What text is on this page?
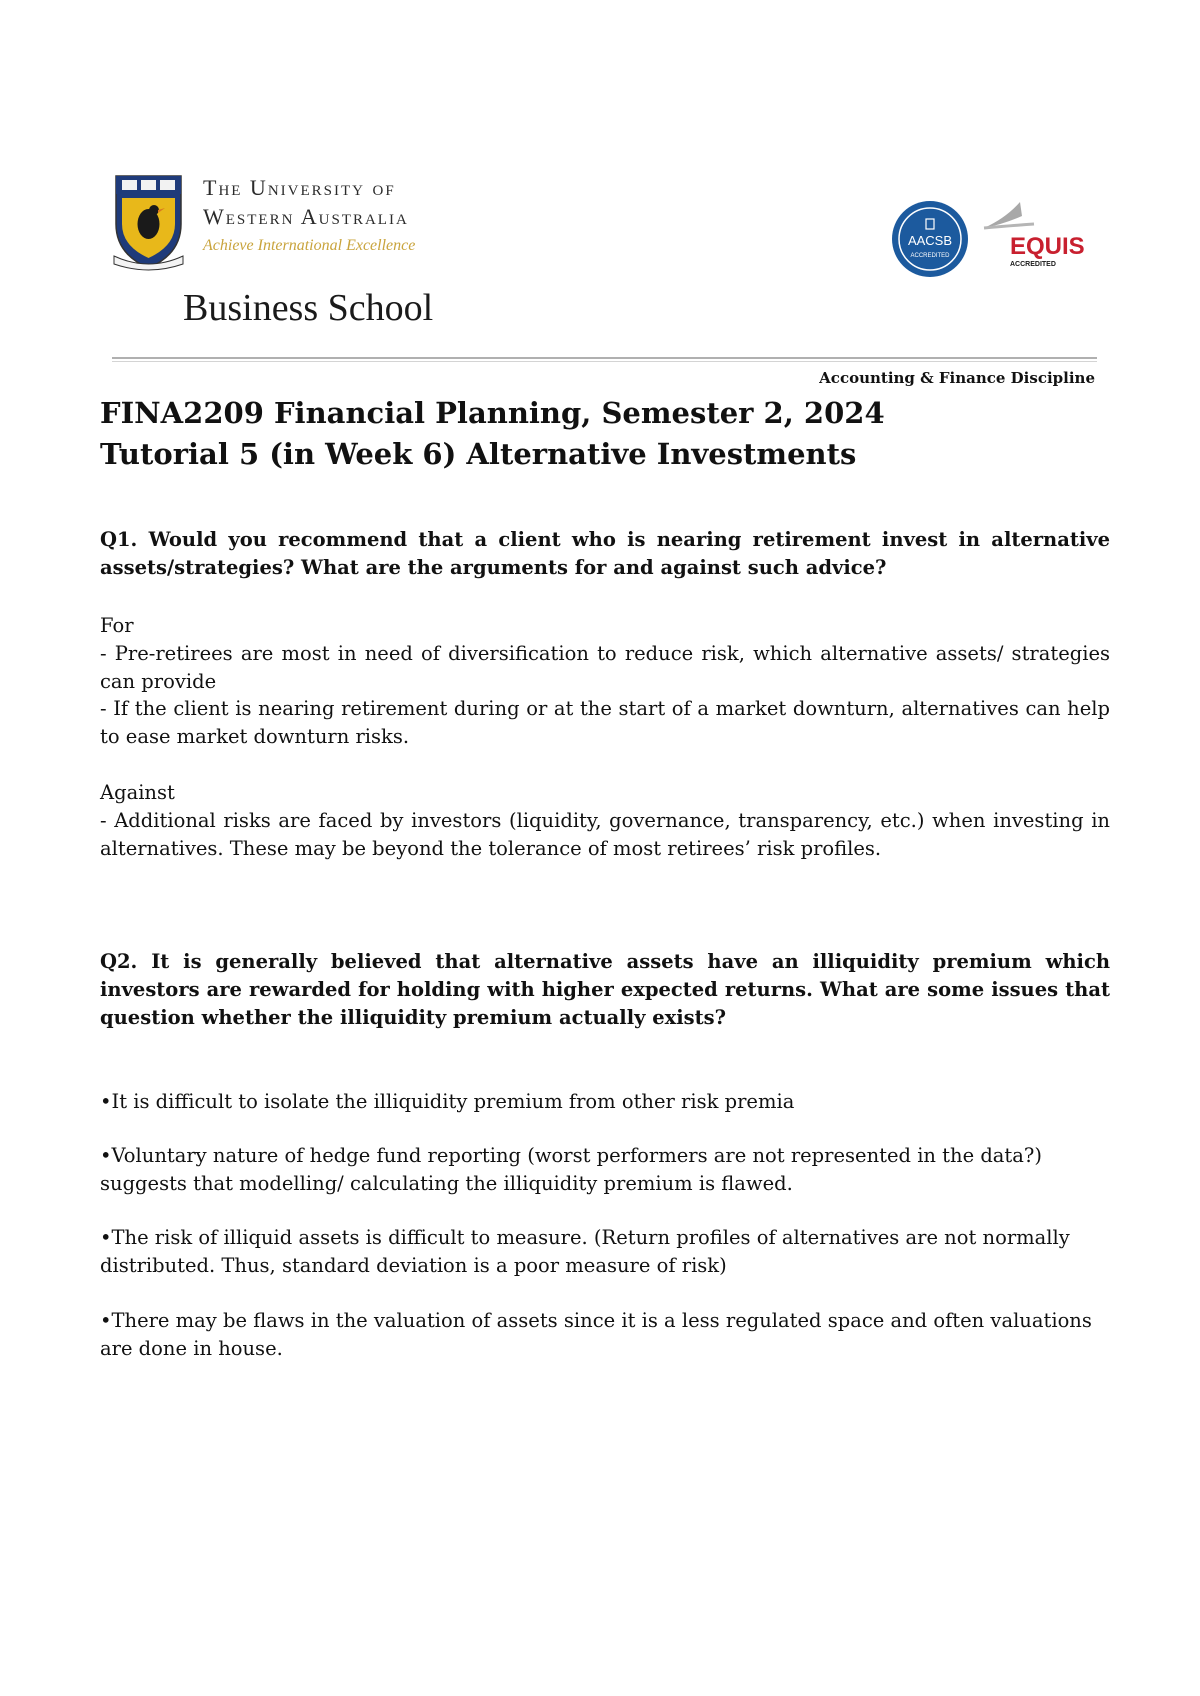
The University of
Western Australia
Achieve International Excellence
Business School
AACSB
ACCREDITED	EQUIS
ACCREDITED
Accounting & Finance Discipline
FINA2209 Financial Planning, Semester 2, 2024
Tutorial 5 (in Week 6) Alternative Investments

Q1. Would you recommend that a client who is nearing retirement invest in alternative assets/strategies? What are the arguments for and against such advice?

For

- Pre-retirees are most in need of diversification to reduce risk, which alternative assets/ strategies can provide

- If the client is nearing retirement during or at the start of a market downturn, alternatives can help to ease market downturn risks.

Against

- Additional risks are faced by investors (liquidity, governance, transparency, etc.) when investing in alternatives. These may be beyond the tolerance of most retirees’ risk profiles.

Q2. It is generally believed that alternative assets have an illiquidity premium which investors are rewarded for holding with higher expected returns. What are some issues that question whether the illiquidity premium actually exists?

•It is difficult to isolate the illiquidity premium from other risk premia

•Voluntary nature of hedge fund reporting (worst performers are not represented in the data?) suggests that modelling/ calculating the illiquidity premium is flawed.

•The risk of illiquid assets is difficult to measure. (Return profiles of alternatives are not normally distributed. Thus, standard deviation is a poor measure of risk)

•There may be flaws in the valuation of assets since it is a less regulated space and often valuations are done in house.
